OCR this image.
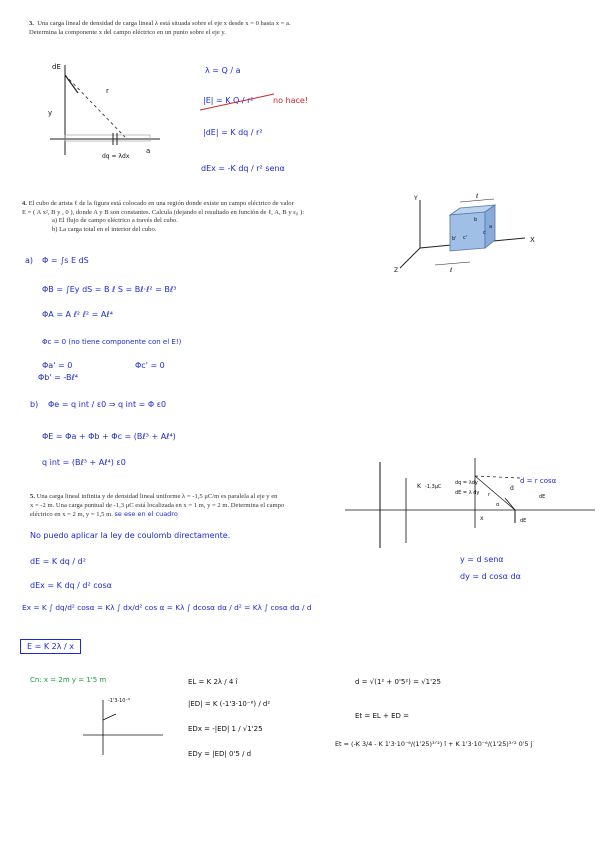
3. Una carga lineal de densidad de carga lineal λ está situada sobre el eje x desde x = 0 hasta x = a.
Determina la componente x del campo eléctrico en un punto sobre el eje y.
dE
y
r
dq = λdx
a
λ = Q / a
|E| = K Q / r² no hace!
|dE| = K dq / r²
dEx = -K dq / r² senα
4. El cubo de arista ℓ de la figura está colocado en una región donde existe un campo eléctrico de valor
E = ( A x², B y , 0 ), donde A y B son constantes. Calcula (dejando el resultado en función de ℓ, A, B y ε₀ ):
a) El flujo de campo eléctrico a través del cubo.
b) La carga total en el interior del cubo.
Y
X
Z
ℓ
ℓ
a
c
b
b' c'
a) Φ = ∫s E dS
ΦB = ∫Ey dS = B ℓ S = Bℓ·ℓ² = Bℓ³
ΦA = A ℓ² ℓ² = Aℓ⁴
Φc = 0 (no tiene componente con el E!)
Φa' = 0	Φc' = 0
Φb' = -Bℓ⁴
b) Φe = q int / ε0 ⇒ q int = Φ ε0
ΦE = Φa + Φb + Φc = (Bℓ³ + Aℓ⁴)
q int = (Bℓ³ + Aℓ⁴) ε0
5. Una carga lineal infinita y de densidad lineal uniforme λ = -1,5 μC/m es paralela al eje y en
x = -2 m. Una carga puntual de -1,3 μC está localizada en x = 1 m, y = 2 m. Determina el campo
eléctrico en x = 2 m, y = 1,5 m. se ese en el cuadro
K -1,3μC
dq = λdy
dE = λ dy r
α
d
d = r cosα
x	dE
dE
y = d senα
dy = d cosα dα
No puedo aplicar la ley de coulomb directamente.
dE = K dq / d²
dEx = K dq / d² cosα
Ex = K ∫ dq/d² cosα = Kλ ∫ dx/d² cos α = Kλ ∫ dcosα dα / d² = Kλ ∫ cosα dα / d
E = K 2λ / x
Cn: x = 2m y = 1'5 m
-1'3·10⁻⁶
EL = K 2λ / 4 î
|ED| = K (-1'3·10⁻⁶) / d²
EDx = -|ED| 1 / √1'25
EDy = |ED| 0'5 / d
d = √(1² + 0'5²) = √1'25
Et = EL + ED =
Et = (-K 3/4 - K 1'3·10⁻⁶/(1'25)³ᐟ²) î + K 1'3·10⁻⁶/(1'25)³ᐟ² 0'5 ĵ
